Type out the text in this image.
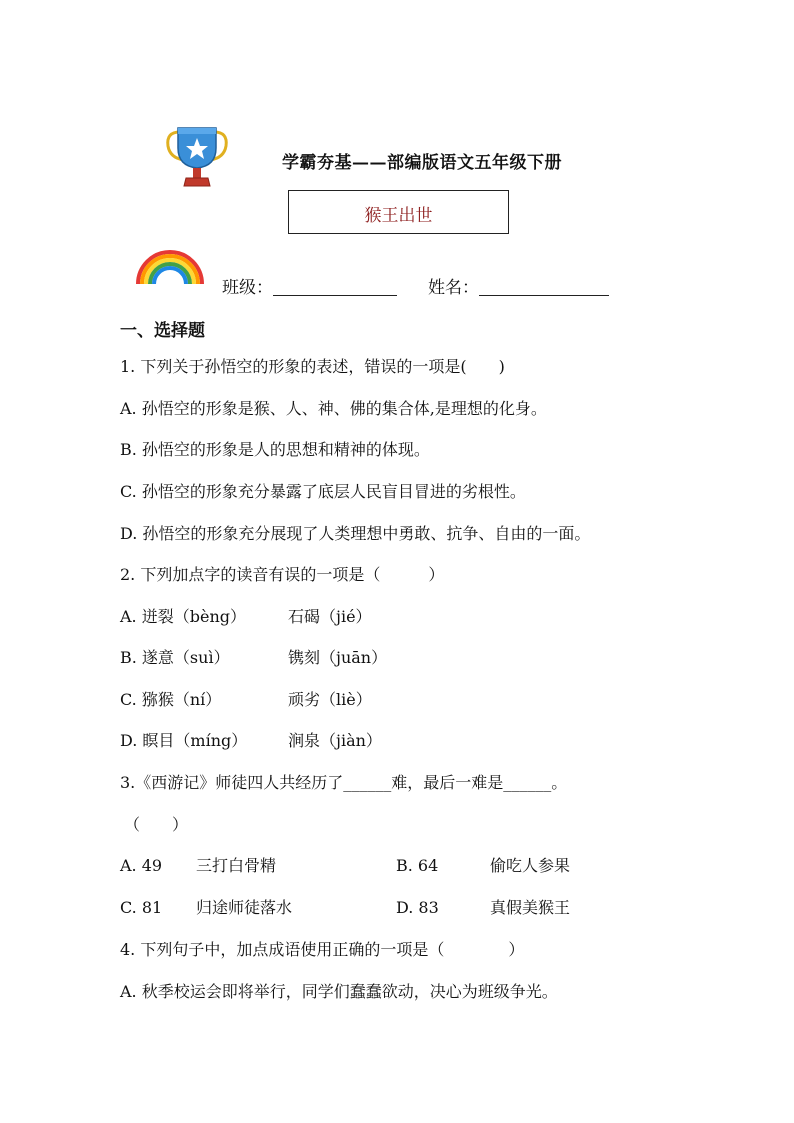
学霸夯基——部编版语文五年级下册
猴王出世
班级：	姓名：
一、选择题
1. 下列关于孙悟空的形象的表述，错误的一项是(　　)
A. 孙悟空的形象是猴、人、神、佛的集合体,是理想的化身。
B. 孙悟空的形象是人的思想和精神的体现。
C. 孙悟空的形象充分暴露了底层人民盲目冒进的劣根性。
D. 孙悟空的形象充分展现了人类理想中勇敢、抗争、自由的一面。
2. 下列加点字的读音有误的一项是（　　　）
A. 迸裂（bèng）	石碣（jié）
B. 遂意（suì）	镌刻（juān）
C. 猕猴（ní）	顽劣（liè）
D. 瞑目（míng）	涧泉（jiàn）
3.《西游记》师徒四人共经历了______难，最后一难是______。
（　　）
A. 49 三打白骨精	B. 64	偷吃人参果
C. 81 归途师徒落水	D. 83	真假美猴王
4. 下列句子中，加点成语使用正确的一项是（　　　　）
A. 秋季校运会即将举行，同学们蠢蠢欲动，决心为班级争光。
